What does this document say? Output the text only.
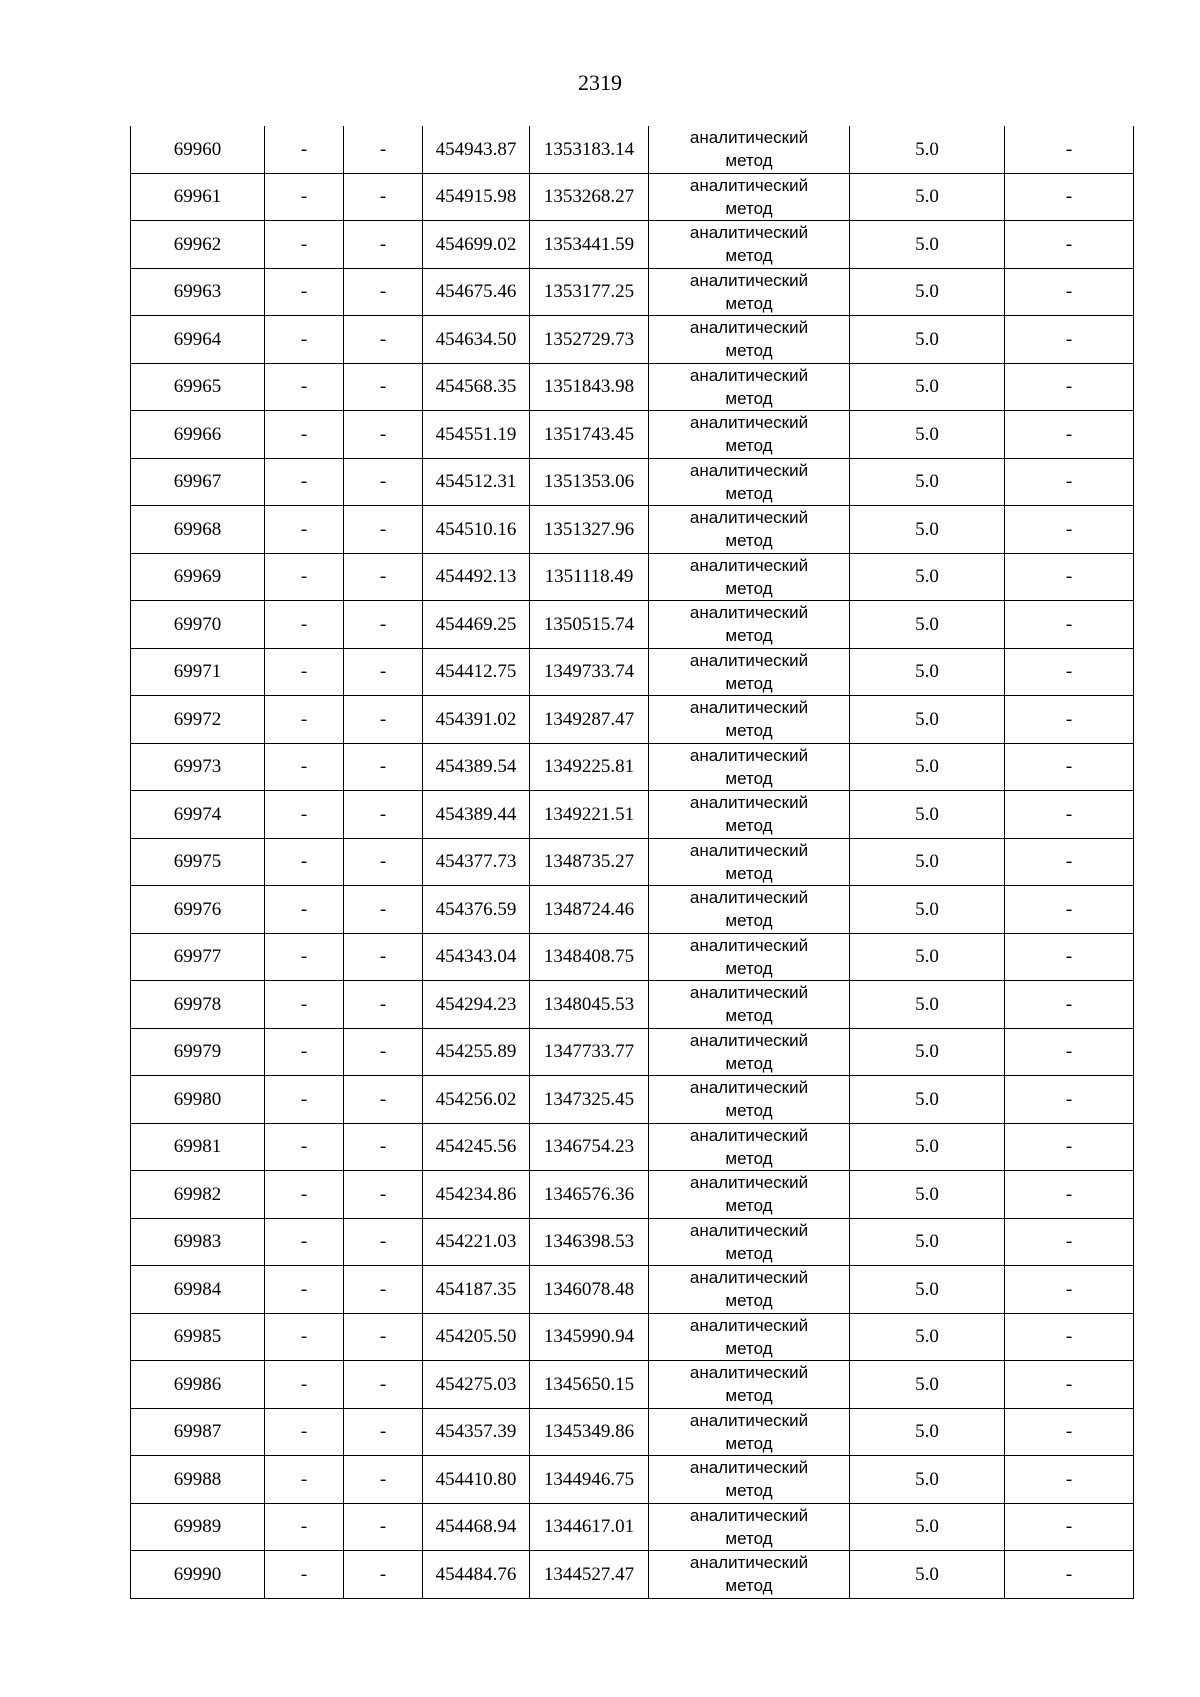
2319
69960	-	-	454943.87	1353183.14	аналитический метод	5.0	-
69961	-	-	454915.98	1353268.27	аналитический метод	5.0	-
69962	-	-	454699.02	1353441.59	аналитический метод	5.0	-
69963	-	-	454675.46	1353177.25	аналитический метод	5.0	-
69964	-	-	454634.50	1352729.73	аналитический метод	5.0	-
69965	-	-	454568.35	1351843.98	аналитический метод	5.0	-
69966	-	-	454551.19	1351743.45	аналитический метод	5.0	-
69967	-	-	454512.31	1351353.06	аналитический метод	5.0	-
69968	-	-	454510.16	1351327.96	аналитический метод	5.0	-
69969	-	-	454492.13	1351118.49	аналитический метод	5.0	-
69970	-	-	454469.25	1350515.74	аналитический метод	5.0	-
69971	-	-	454412.75	1349733.74	аналитический метод	5.0	-
69972	-	-	454391.02	1349287.47	аналитический метод	5.0	-
69973	-	-	454389.54	1349225.81	аналитический метод	5.0	-
69974	-	-	454389.44	1349221.51	аналитический метод	5.0	-
69975	-	-	454377.73	1348735.27	аналитический метод	5.0	-
69976	-	-	454376.59	1348724.46	аналитический метод	5.0	-
69977	-	-	454343.04	1348408.75	аналитический метод	5.0	-
69978	-	-	454294.23	1348045.53	аналитический метод	5.0	-
69979	-	-	454255.89	1347733.77	аналитический метод	5.0	-
69980	-	-	454256.02	1347325.45	аналитический метод	5.0	-
69981	-	-	454245.56	1346754.23	аналитический метод	5.0	-
69982	-	-	454234.86	1346576.36	аналитический метод	5.0	-
69983	-	-	454221.03	1346398.53	аналитический метод	5.0	-
69984	-	-	454187.35	1346078.48	аналитический метод	5.0	-
69985	-	-	454205.50	1345990.94	аналитический метод	5.0	-
69986	-	-	454275.03	1345650.15	аналитический метод	5.0	-
69987	-	-	454357.39	1345349.86	аналитический метод	5.0	-
69988	-	-	454410.80	1344946.75	аналитический метод	5.0	-
69989	-	-	454468.94	1344617.01	аналитический метод	5.0	-
69990	-	-	454484.76	1344527.47	аналитический метод	5.0	-
